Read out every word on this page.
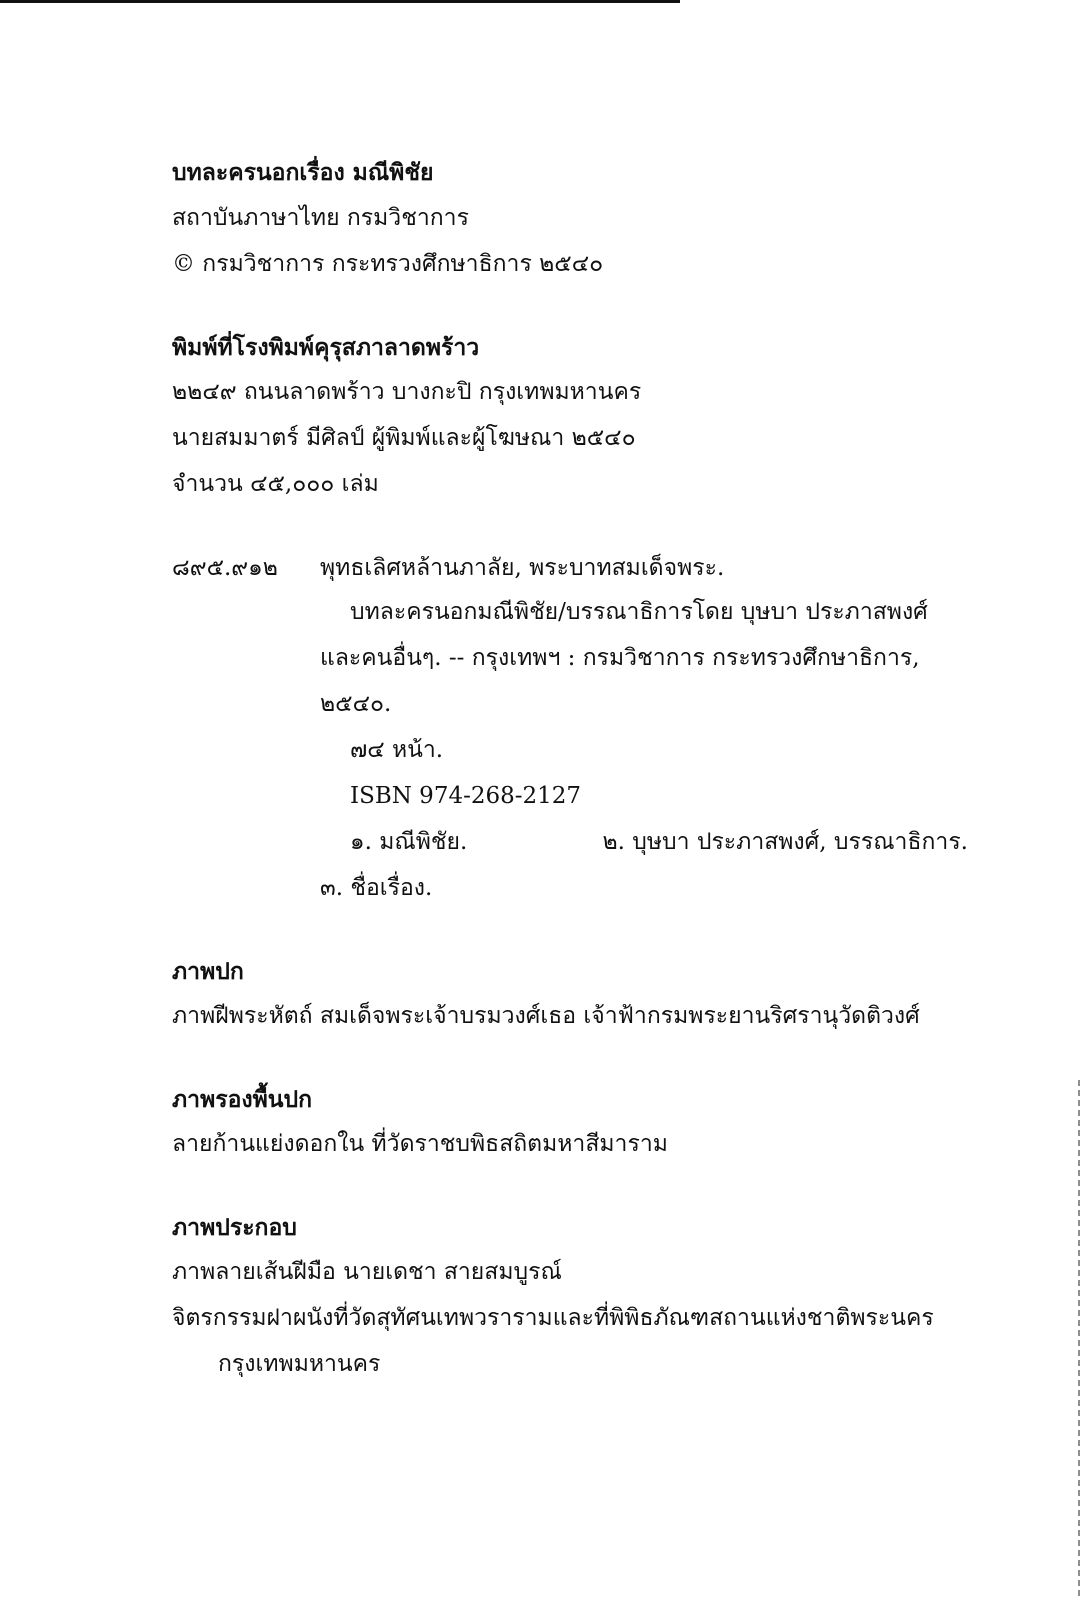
บทละครนอกเรื่อง มณีพิชัย
สถาบันภาษาไทย กรมวิชาการ
© กรมวิชาการ กระทรวงศึกษาธิการ ๒๕๔๐
พิมพ์ที่โรงพิมพ์คุรุสภาลาดพร้าว
๒๒๔๙ ถนนลาดพร้าว บางกะปิ กรุงเทพมหานคร
นายสมมาตร์ มีศิลป์ ผู้พิมพ์และผู้โฆษณา ๒๕๔๐
จำนวน ๔๕,๐๐๐ เล่ม
๘๙๕.๙๑๒ พุทธเลิศหล้านภาลัย, พระบาทสมเด็จพระ.
บทละครนอกมณีพิชัย/บรรณาธิการโดย บุษบา ประภาสพงศ์
และคนอื่นๆ. -- กรุงเทพฯ : กรมวิชาการ กระทรวงศึกษาธิการ,
๒๕๔๐.
๗๔ หน้า.
ISBN 974-268-2127
๑. มณีพิชัย.	๒. บุษบา ประภาสพงศ์, บรรณาธิการ.
๓. ชื่อเรื่อง.
ภาพปก
ภาพฝีพระหัตถ์ สมเด็จพระเจ้าบรมวงศ์เธอ เจ้าฟ้ากรมพระยานริศรานุวัดติวงศ์
ภาพรองพื้นปก
ลายก้านแย่งดอกใน ที่วัดราชบพิธสถิตมหาสีมาราม
ภาพประกอบ
ภาพลายเส้นฝีมือ นายเดชา สายสมบูรณ์
จิตรกรรมฝาผนังที่วัดสุทัศนเทพวรารามและที่พิพิธภัณฑสถานแห่งชาติพระนคร
กรุงเทพมหานคร
